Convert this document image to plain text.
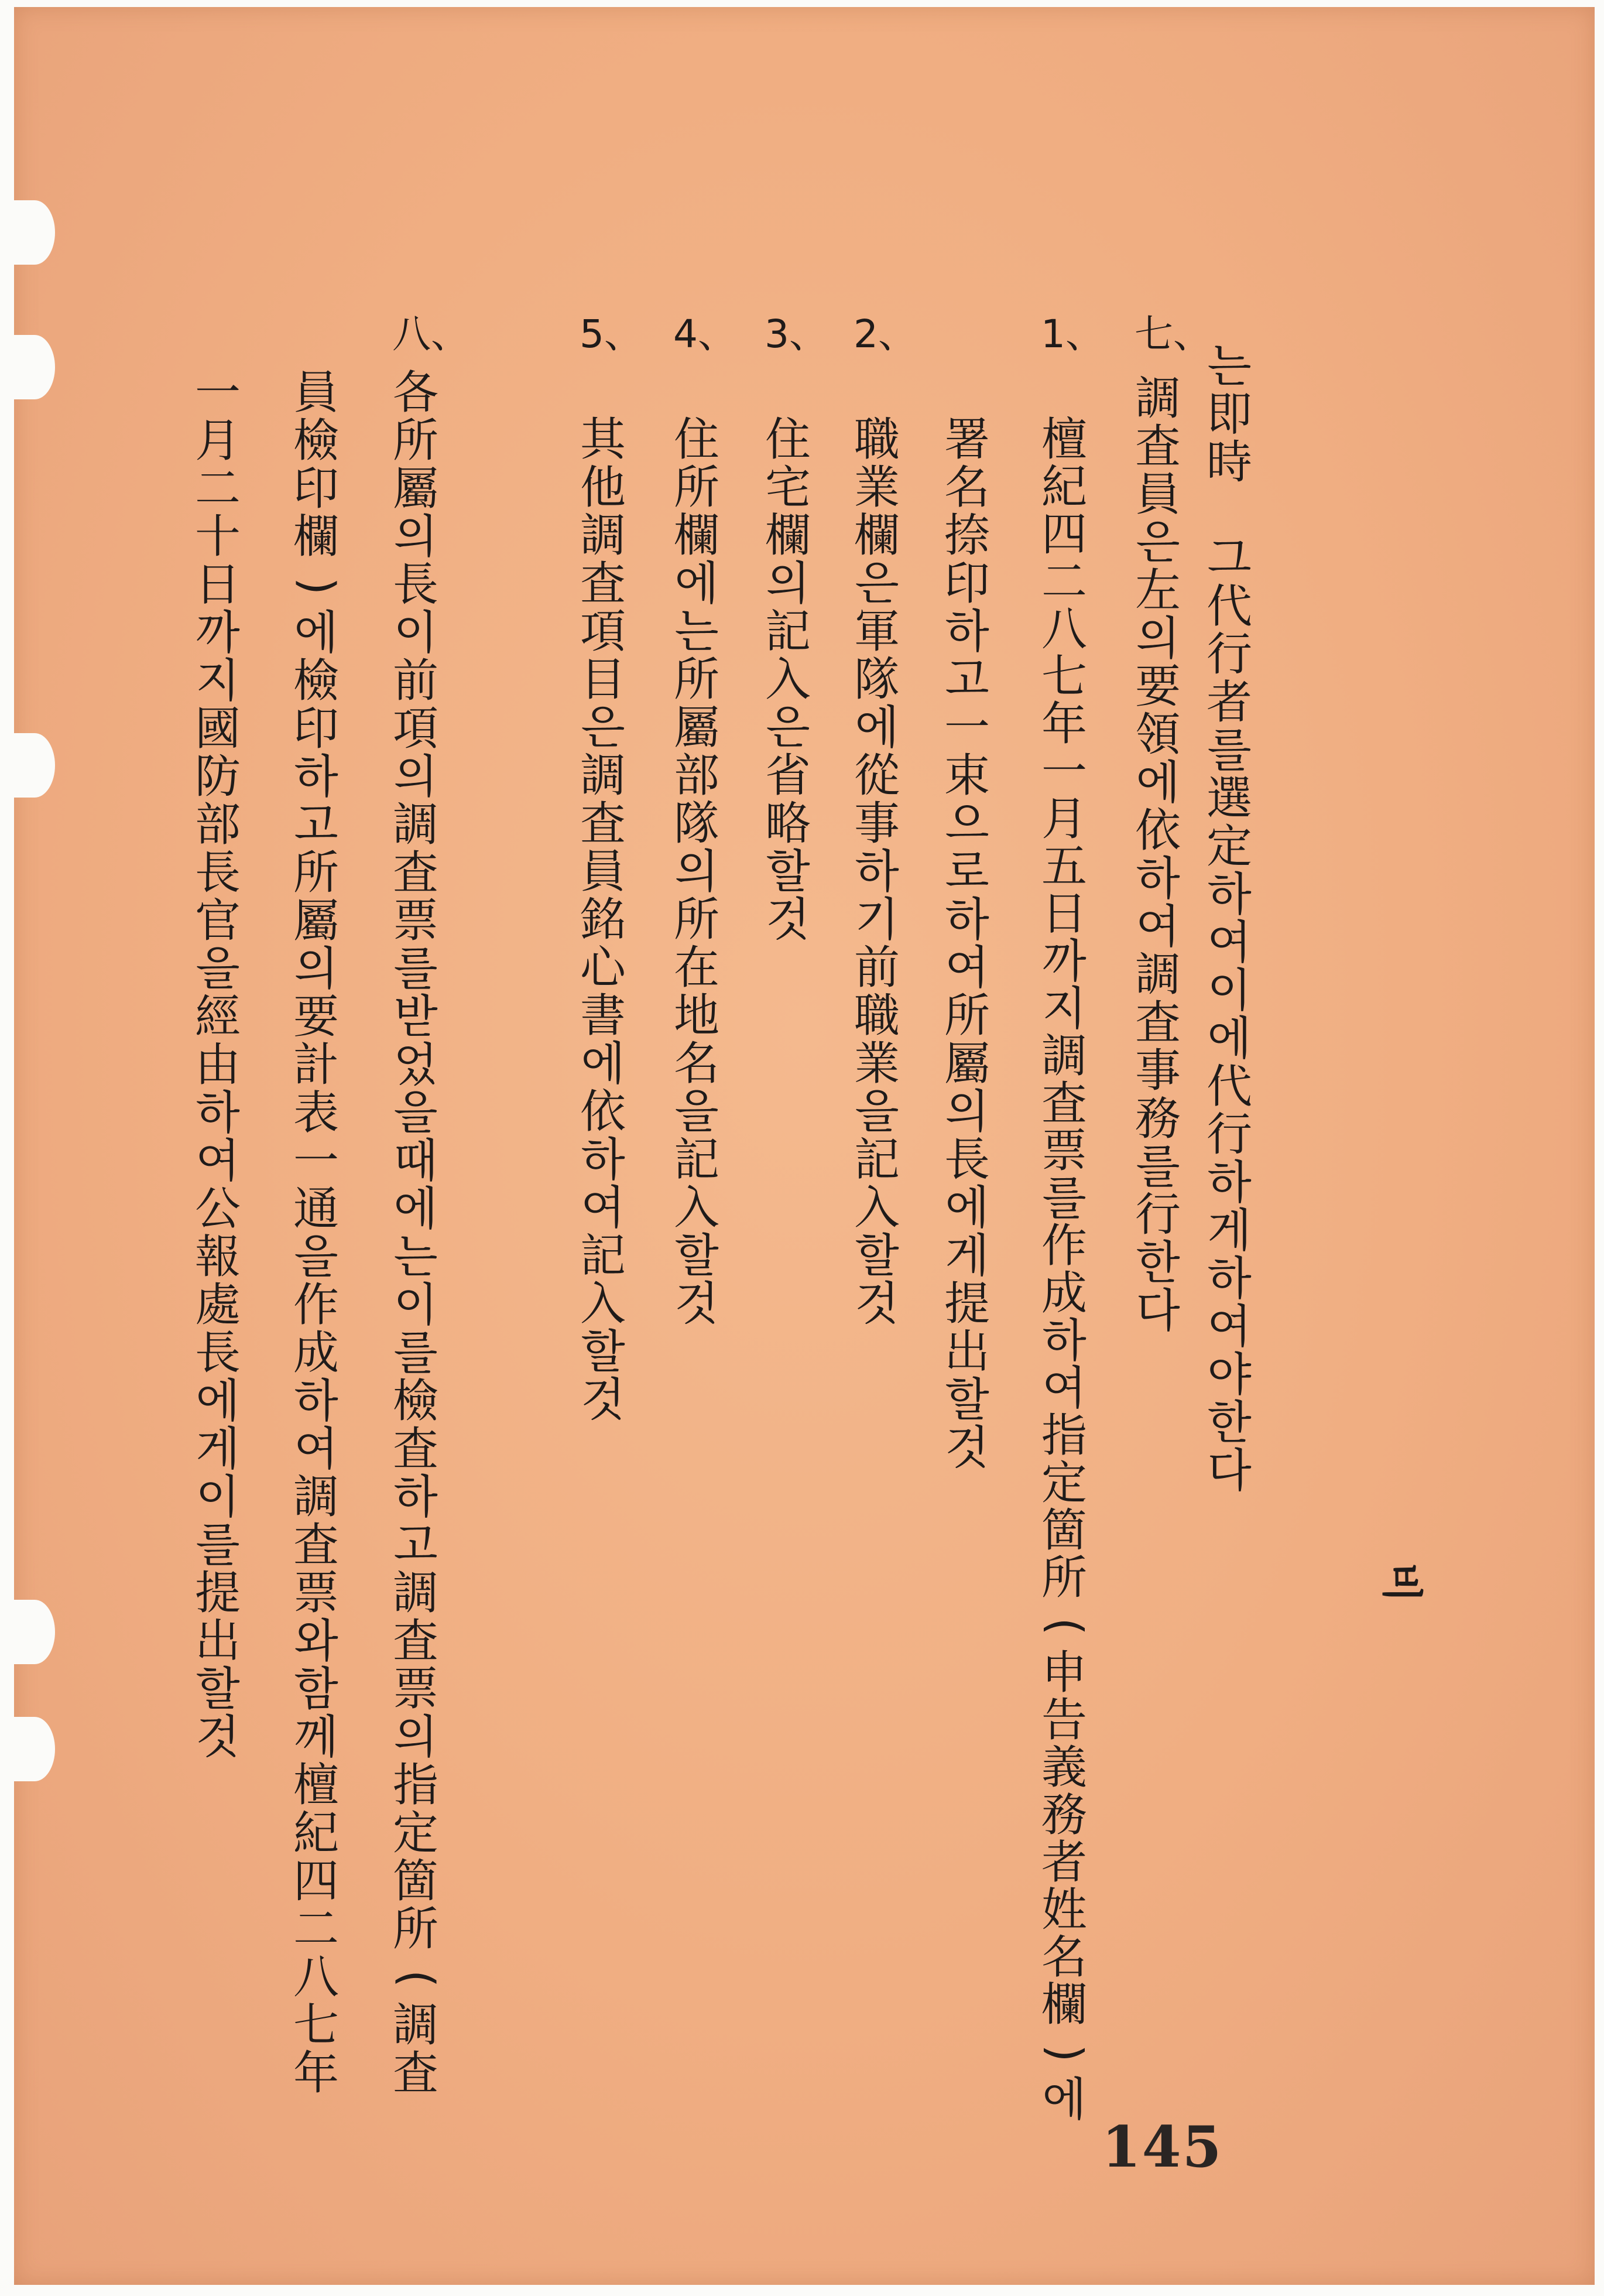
는
即
時
그
代
行
者
를
選
定
하
여
이
에
代
行
하
게
하
여
야
한
다
七、
調
査
員
은
左
의
要
領
에
依
하
여
調
査
事
務
를
行
한
다
1、
檀
紀
四
二
八
七
年
一
月
五
日
까
지
調
査
票
를
作
成
하
여
指
定
箇
所
(
申
告
義
務
者
姓
名
欄
)
에
署
名
捺
印
하
고
一
束
으
로
하
여
所
屬
의
長
에
게
提
出
할
것
2、
職
業
欄
은
軍
隊
에
從
事
하
기
前
職
業
을
記
入
할
것
3、
住
宅
欄
의
記
入
은
省
略
할
것
4、
住
所
欄
에
는
所
屬
部
隊
의
所
在
地
名
을
記
入
할
것
5、
其
他
調
査
項
目
은
調
査
員
銘
心
書
에
依
하
여
記
入
할
것
八、
各
所
屬
의
長
이
前
項
의
調
査
票
를
받
었
을
때
에
는
이
를
檢
査
하
고
調
査
票
의
指
定
箇
所
(
調
査
員
檢
印
欄
)
에
檢
印
하
고
所
屬
의
要
計
表
一
通
을
作
成
하
여
調
査
票
와
함
께
檀
紀
四
二
八
七
年
一
月
二
十
日
까
지
國
防
部
長
官
을
經
由
하
여
公
報
處
長
에
게
이
를
提
出
할
것
비
145
